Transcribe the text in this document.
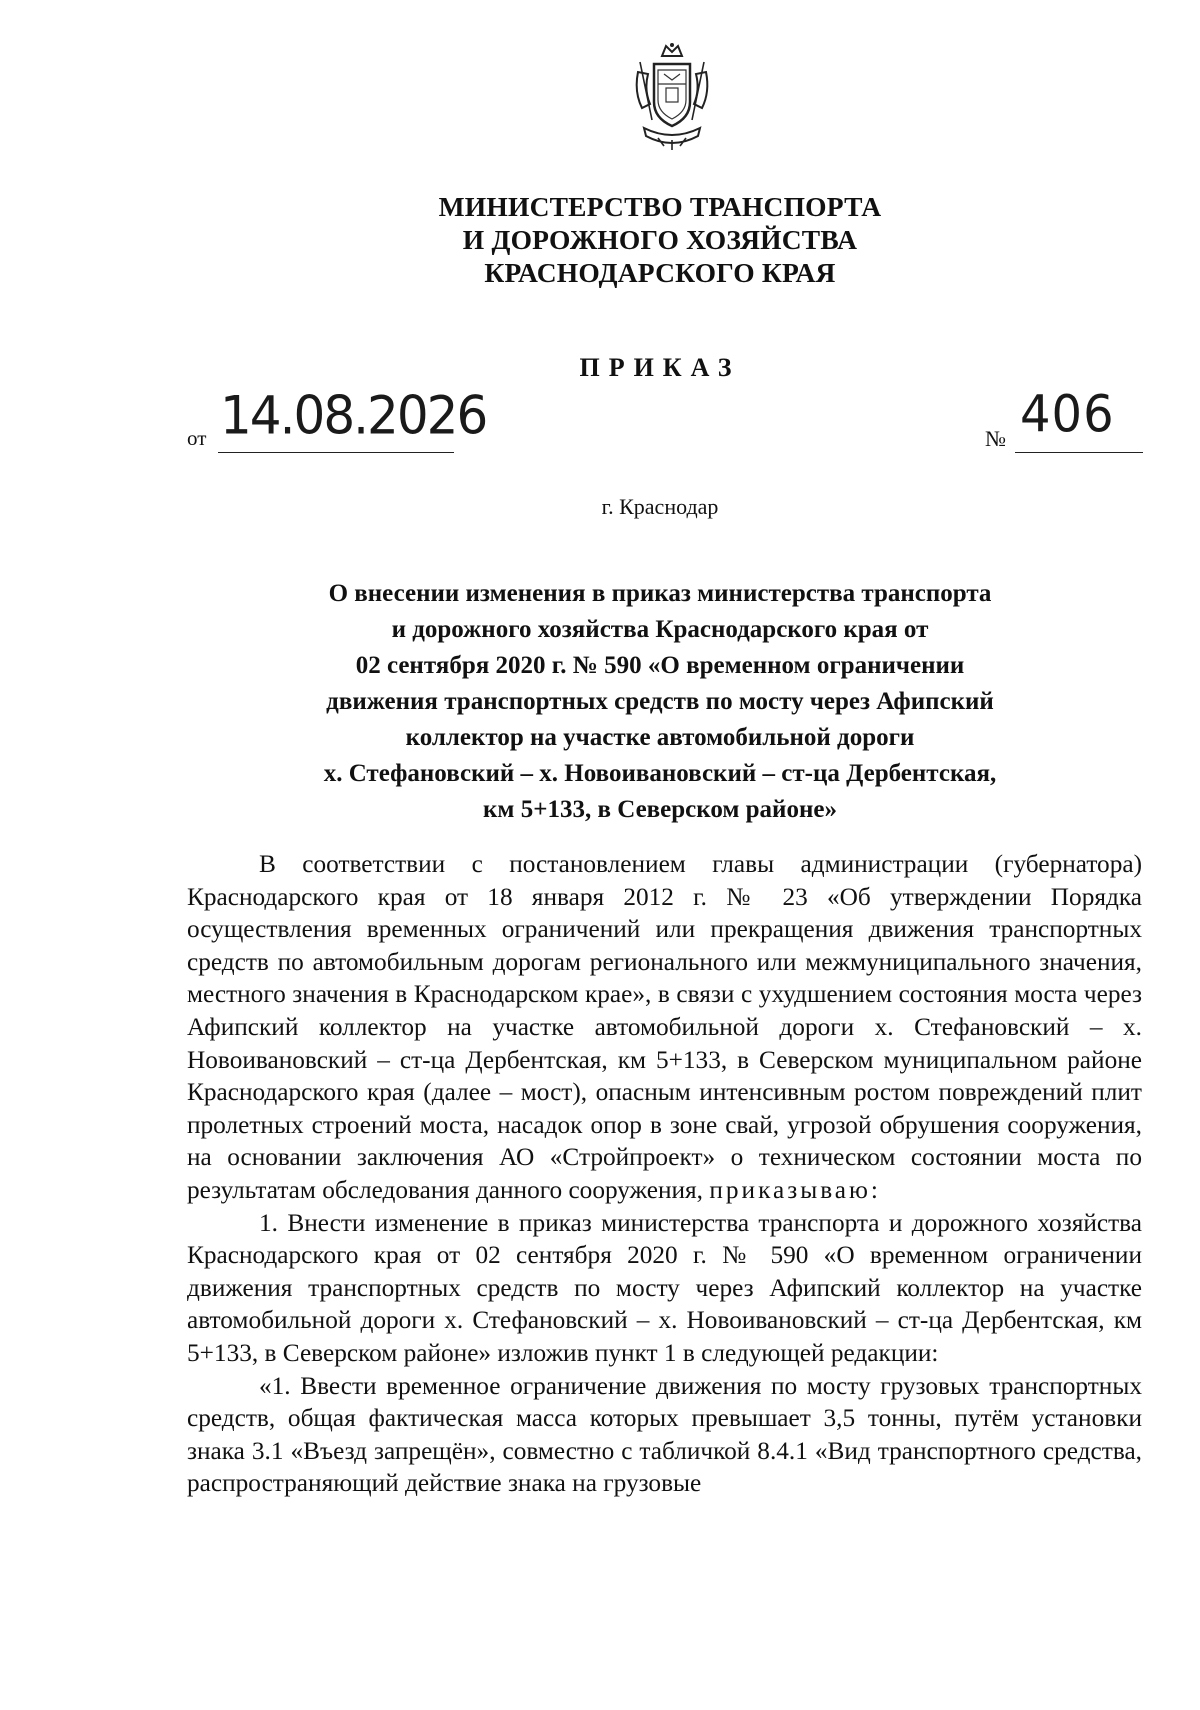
МИНИСТЕРСТВО ТРАНСПОРТА
И ДОРОЖНОГО ХОЗЯЙСТВА
КРАСНОДАРСКОГО КРАЯ
ПРИКАЗ
от 14.08.2026	№ 406
г. Краснодар
О внесении изменения в приказ министерства транспорта
и дорожного хозяйства Краснодарского края от
02 сентября 2020 г. № 590 «О временном ограничении
движения транспортных средств по мосту через Афипский
коллектор на участке автомобильной дороги
х. Стефановский – х. Новоивановский – ст-ца Дербентская,
км 5+133, в Северском районе»

В соответствии с постановлением главы администрации (губернатора) Краснодарского края от 18 января 2012 г. № 23 «Об утверждении Порядка осуществления временных ограничений или прекращения движения транспортных средств по автомобильным дорогам регионального или межмуниципального значения, местного значения в Краснодарском крае», в связи с ухудшением состояния моста через Афипский коллектор на участке автомобильной дороги х. Стефановский – х. Новоивановский – ст-ца Дербентская, км 5+133, в Северском муниципальном районе Краснодарского края (далее – мост), опасным интенсивным ростом повреждений плит пролетных строений моста, насадок опор в зоне свай, угрозой обрушения сооружения, на основании заключения АО «Стройпроект» о техническом состоянии моста по результатам обследования данного сооружения, приказываю:

1. Внести изменение в приказ министерства транспорта и дорожного хозяйства Краснодарского края от 02 сентября 2020 г. № 590 «О временном ограничении движения транспортных средств по мосту через Афипский коллектор на участке автомобильной дороги х. Стефановский – х. Новоивановский – ст-ца Дербентская, км 5+133, в Северском районе» изложив пункт 1 в следующей редакции:

«1. Ввести временное ограничение движения по мосту грузовых транспортных средств, общая фактическая масса которых превышает 3,5 тонны, путём установки знака 3.1 «Въезд запрещён», совместно с табличкой 8.4.1 «Вид транспортного средства, распространяющий действие знака на грузовые
